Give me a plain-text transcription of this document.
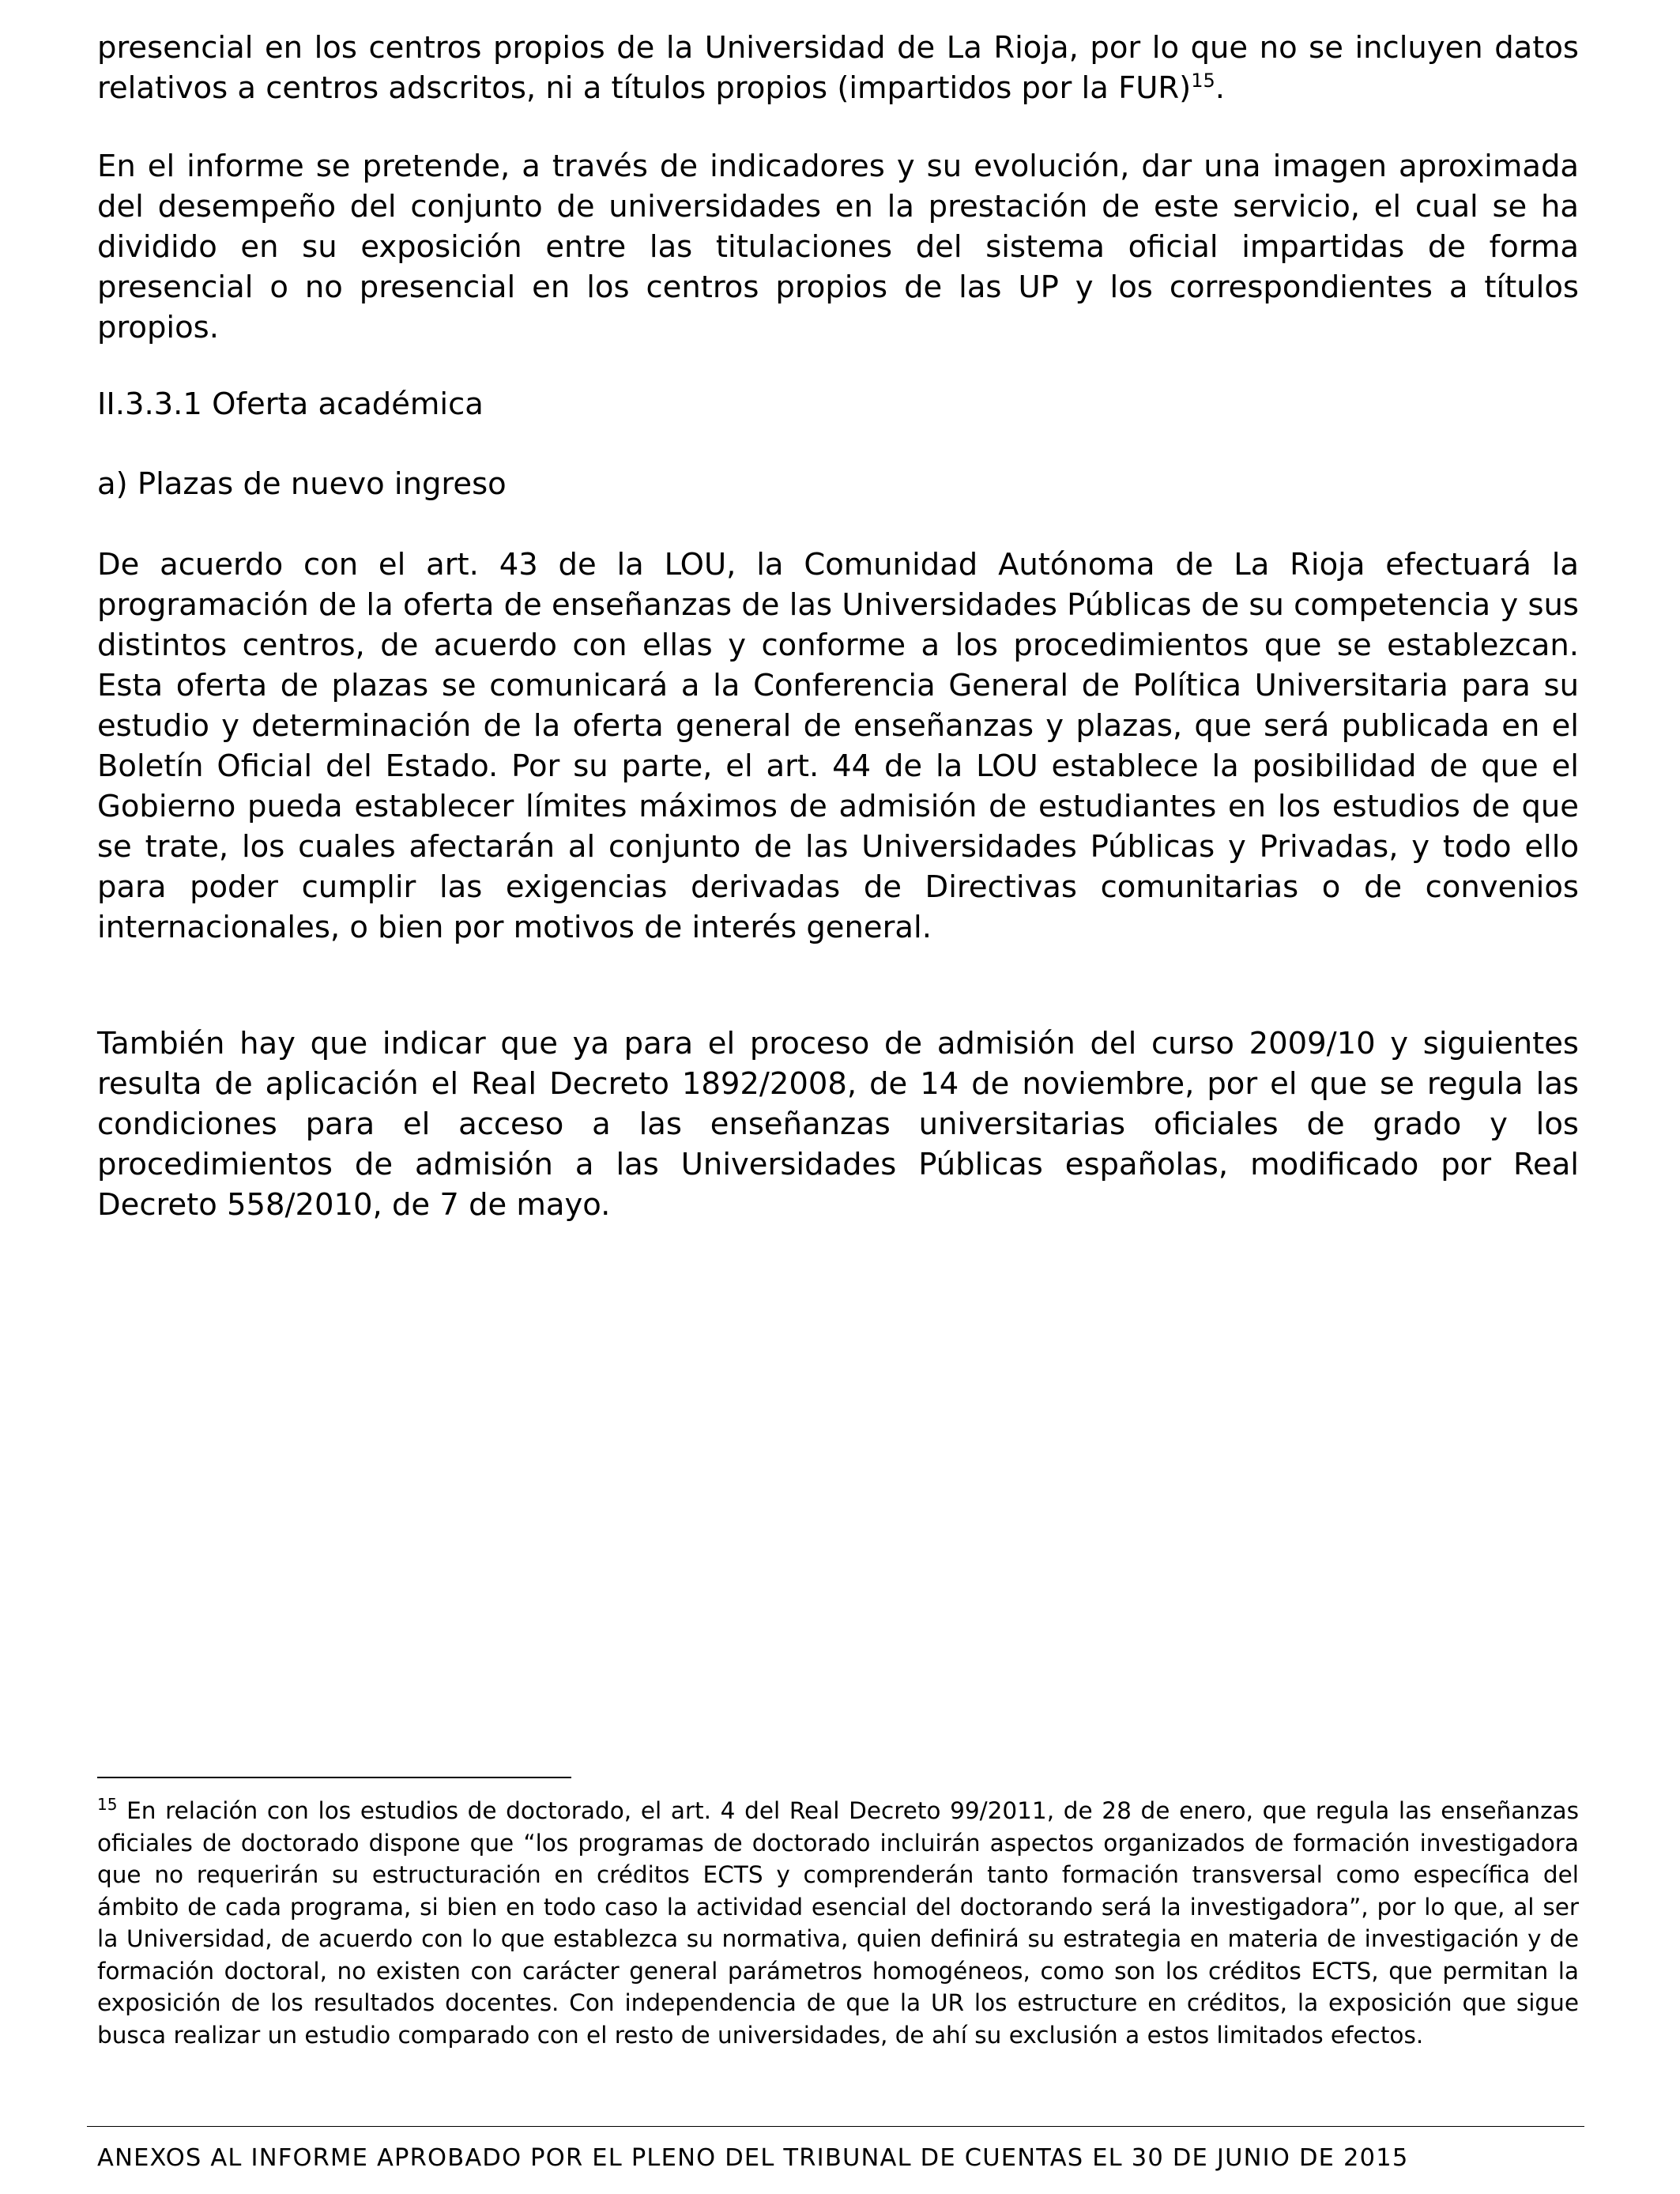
presencial en los centros propios de la Universidad de La Rioja, por lo que no se incluyen datos relativos a centros adscritos, ni a títulos propios (impartidos por la FUR)$^{15}$.

En el informe se pretende, a través de indicadores y su evolución, dar una imagen aproximada del desempeño del conjunto de universidades en la prestación de este servicio, el cual se ha dividido en su exposición entre las titulaciones del sistema oficial impartidas de forma presencial o no presencial en los centros propios de las UP y los correspondientes a títulos propios.

II.3.3.1 Oferta académica

a) Plazas de nuevo ingreso

De acuerdo con el art. 43 de la LOU, la Comunidad Autónoma de La Rioja efectuará la programación de la oferta de enseñanzas de las Universidades Públicas de su competencia y sus distintos centros, de acuerdo con ellas y conforme a los procedimientos que se establezcan. Esta oferta de plazas se comunicará a la Conferencia General de Política Universitaria para su estudio y determinación de la oferta general de enseñanzas y plazas, que será publicada en el Boletín Oficial del Estado. Por su parte, el art. 44 de la LOU establece la posibilidad de que el Gobierno pueda establecer límites máximos de admisión de estudiantes en los estudios de que se trate, los cuales afectarán al conjunto de las Universidades Públicas y Privadas, y todo ello para poder cumplir las exigencias derivadas de Directivas comunitarias o de convenios internacionales, o bien por motivos de interés general.

También hay que indicar que ya para el proceso de admisión del curso 2009/10 y siguientes resulta de aplicación el Real Decreto 1892/2008, de 14 de noviembre, por el que se regula las condiciones para el acceso a las enseñanzas universitarias oficiales de grado y los procedimientos de admisión a las Universidades Públicas españolas, modificado por Real Decreto 558/2010, de 7 de mayo.

$^{15}$ En relación con los estudios de doctorado, el art. 4 del Real Decreto 99/2011, de 28 de enero, que regula las enseñanzas oficiales de doctorado dispone que “los programas de doctorado incluirán aspectos organizados de formación investigadora que no requerirán su estructuración en créditos ECTS y comprenderán tanto formación transversal como específica del ámbito de cada programa, si bien en todo caso la actividad esencial del doctorando será la investigadora”, por lo que, al ser la Universidad, de acuerdo con lo que establezca su normativa, quien definirá su estrategia en materia de investigación y de formación doctoral, no existen con carácter general parámetros homogéneos, como son los créditos ECTS, que permitan la exposición de los resultados docentes. Con independencia de que la UR los estructure en créditos, la exposición que sigue busca realizar un estudio comparado con el resto de universidades, de ahí su exclusión a estos limitados efectos.

ANEXOS AL INFORME APROBADO POR EL PLENO DEL TRIBUNAL DE CUENTAS EL 30 DE JUNIO DE 2015
